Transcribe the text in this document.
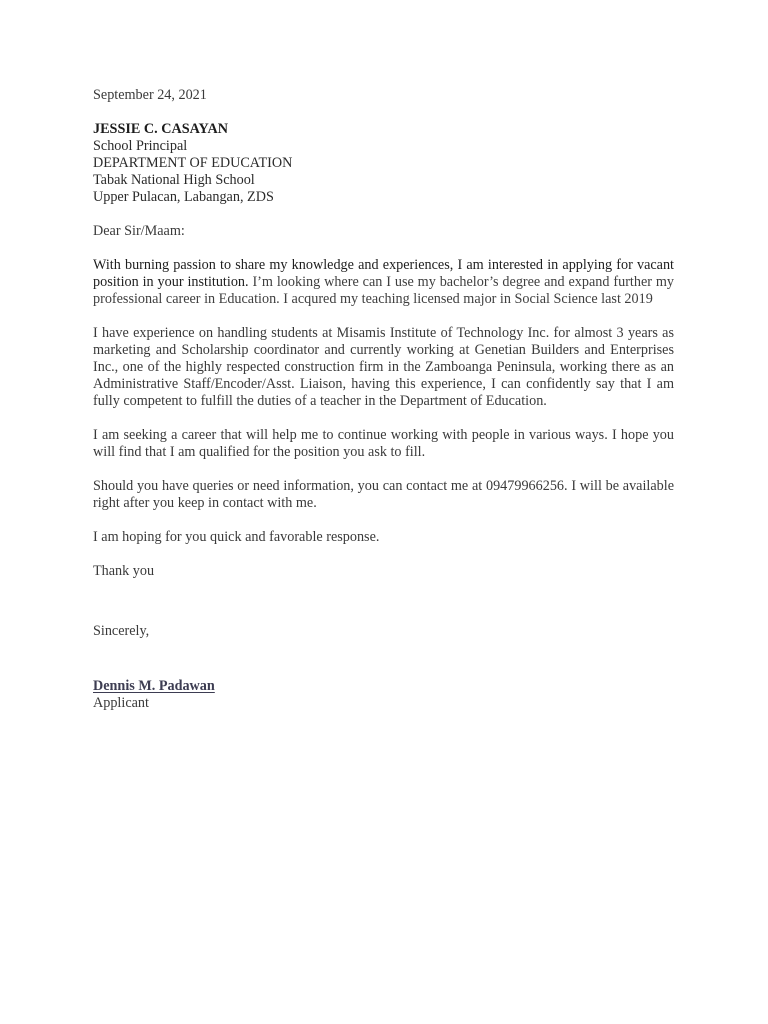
September 24, 2021
JESSIE C. CASAYAN
School Principal
DEPARTMENT OF EDUCATION
Tabak National High School
Upper Pulacan, Labangan, ZDS
Dear Sir/Maam:
With burning passion to share my knowledge and experiences, I am interested in applying for vacant position in your institution. I’m looking where can I use my bachelor’s degree and expand further my professional career in Education. I acqured my teaching licensed major in Social Science last 2019
I have experience on handling students at Misamis Institute of Technology Inc. for almost 3 years as marketing and Scholarship coordinator and currently working at Genetian Builders and Enterprises Inc., one of the highly respected construction firm in the Zamboanga Peninsula, working there as an Administrative Staff/Encoder/Asst. Liaison, having this experience, I can confidently say that I am fully competent to fulfill the duties of a teacher in the Department of Education.
I am seeking a career that will help me to continue working with people in various ways. I hope you will find that I am qualified for the position you ask to fill.
Should you have queries or need information, you can contact me at 09479966256. I will be available right after you keep in contact with me.
I am hoping for you quick and favorable response.
Thank you
Sincerely,
Dennis M. Padawan
Applicant
